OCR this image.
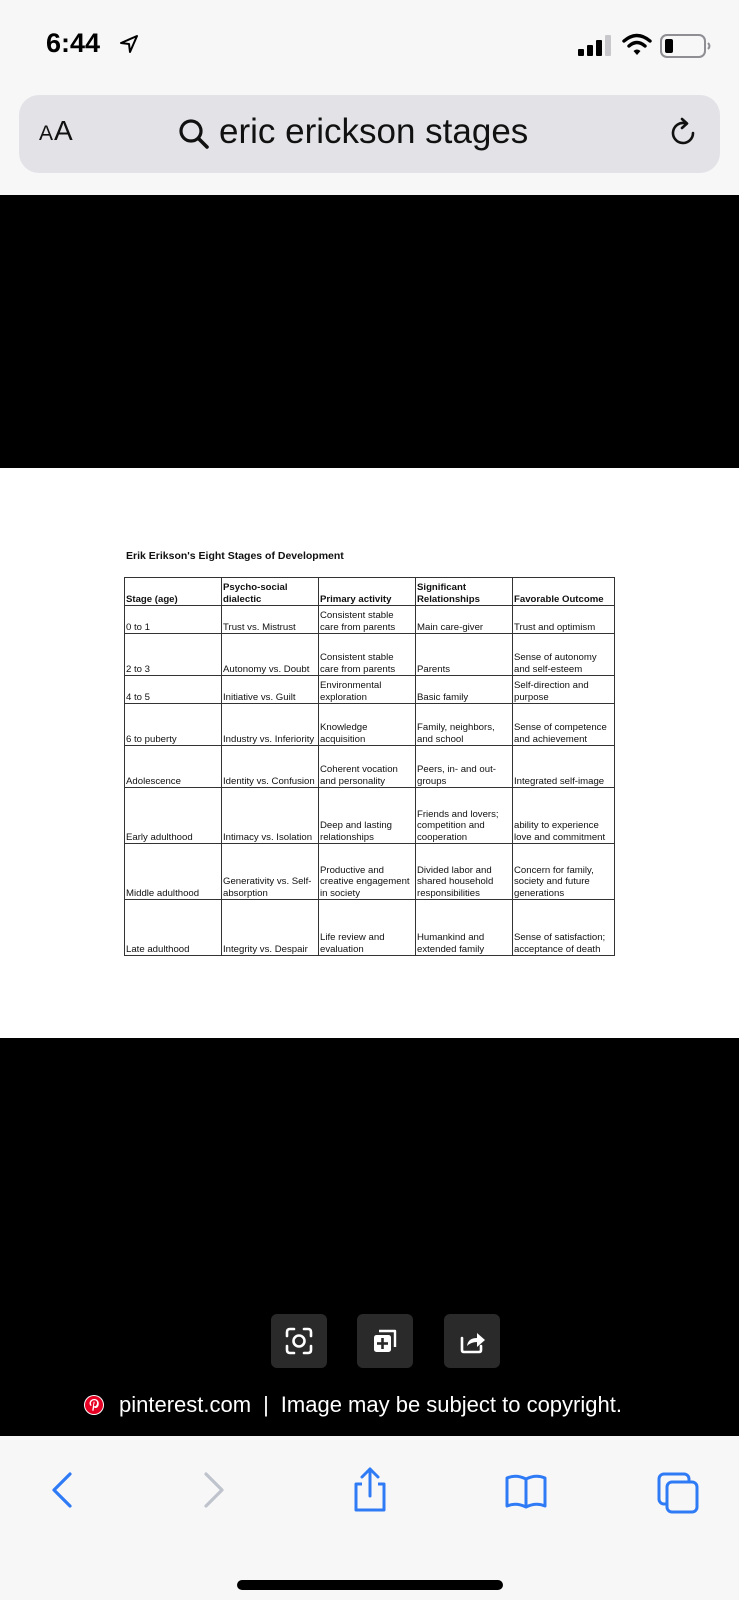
6:44
AA	eric erickson stages
Erik Erikson's Eight Stages of Development
Stage (age)	Psycho-social dialectic	Primary activity	Significant Relationships	Favorable Outcome
0 to 1	Trust vs. Mistrust	Consistent stable care from parents	Main care-giver	Trust and optimism
2 to 3	Autonomy vs. Doubt	Consistent stable care from parents	Parents	Sense of autonomy and self-esteem
4 to 5	Initiative vs. Guilt	Environmental exploration	Basic family	Self-direction and purpose
6 to puberty	Industry vs. Inferiority	Knowledge acquisition	Family, neighbors, and school	Sense of competence and achievement
Adolescence	Identity vs. Confusion	Coherent vocation and personality	Peers, in- and out-groups	Integrated self-image
Early adulthood	Intimacy vs. Isolation	Deep and lasting relationships	Friends and lovers; competition and cooperation	ability to experience love and commitment
Middle adulthood	Generativity vs. Self-absorption	Productive and creative engagement in society	Divided labor and shared household responsibilities	Concern for family, society and future generations
Late adulthood	Integrity vs. Despair	Life review and evaluation	Humankind and extended family	Sense of satisfaction; acceptance of death
pinterest.com | Image may be subject to copyright.
